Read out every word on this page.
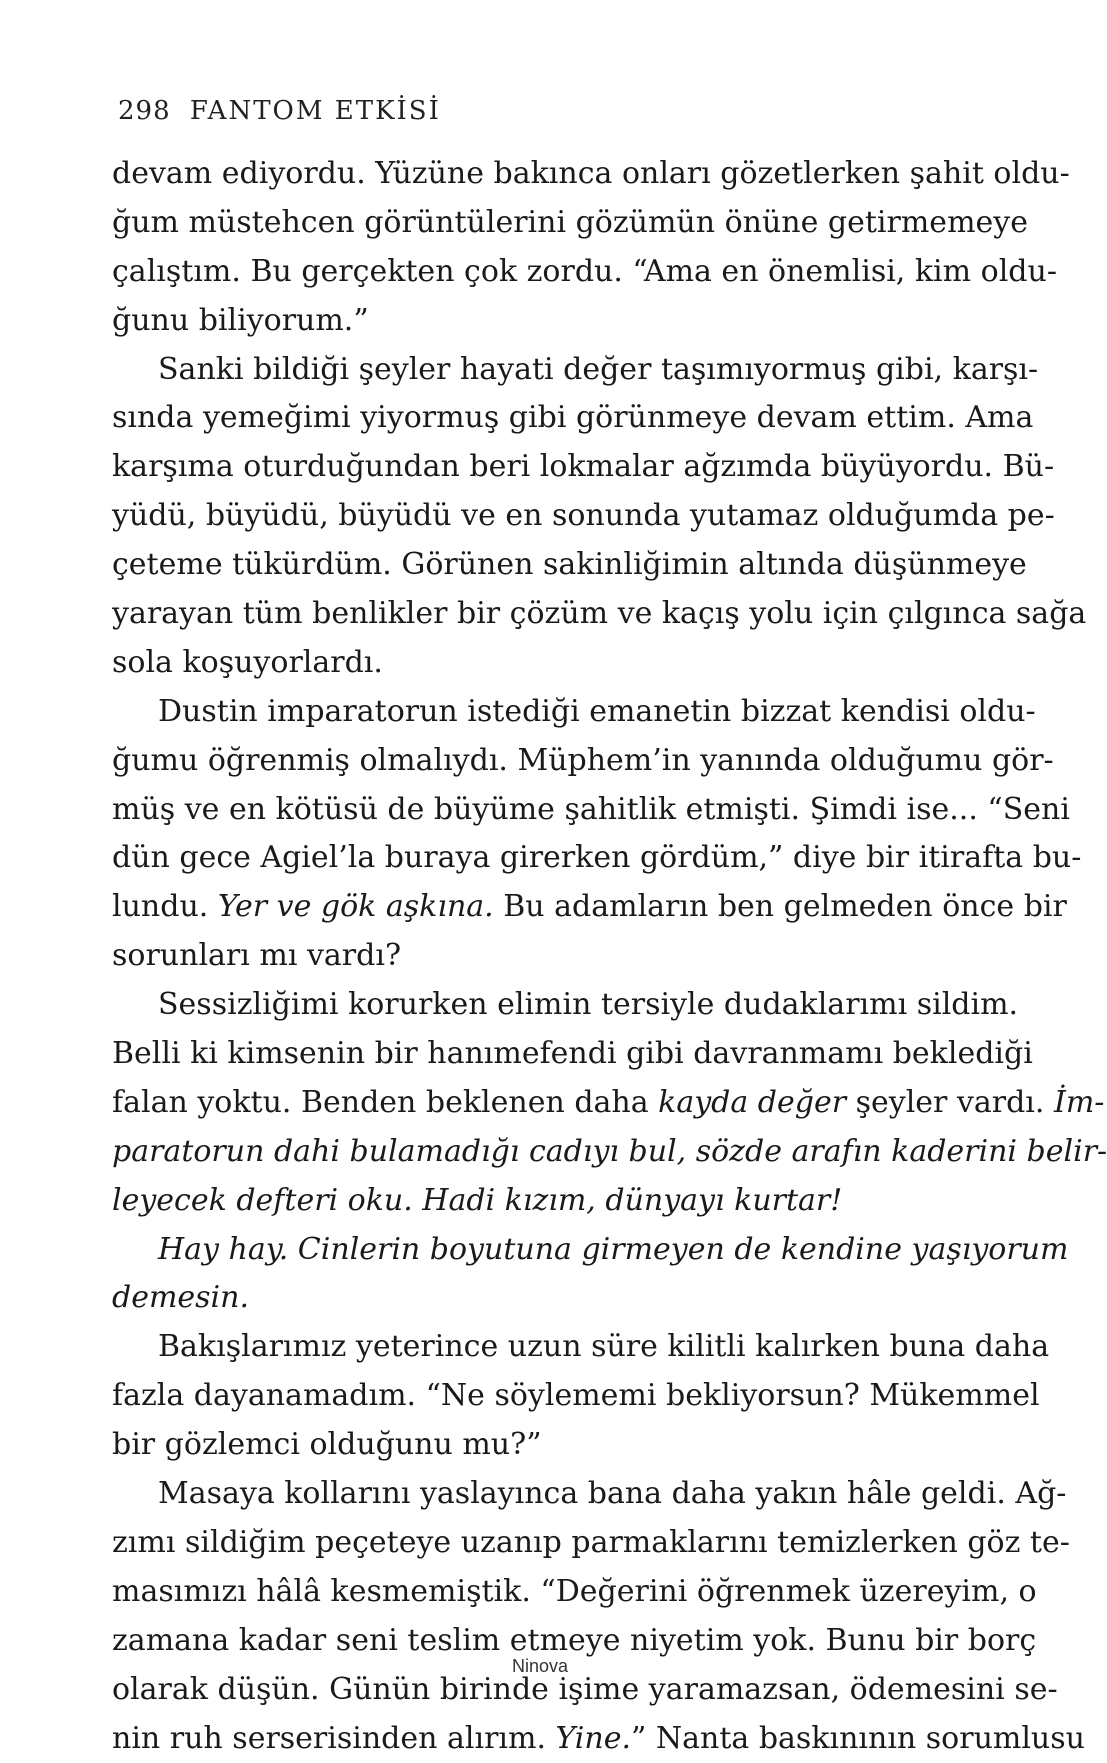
298 FANTOM ETKİSİ
devam ediyordu. Yüzüne bakınca onları gözetlerken şahit oldu-
ğum müstehcen görüntülerini gözümün önüne getirmemeye
çalıştım. Bu gerçekten çok zordu. “Ama en önemlisi, kim oldu-
ğunu biliyorum.”
Sanki bildiği şeyler hayati değer taşımıyormuş gibi, karşı-
sında yemeğimi yiyormuş gibi görünmeye devam ettim. Ama
karşıma oturduğundan beri lokmalar ağzımda büyüyordu. Bü-
yüdü, büyüdü, büyüdü ve en sonunda yutamaz olduğumda pe-
çeteme tükürdüm. Görünen sakinliğimin altında düşünmeye
yarayan tüm benlikler bir çözüm ve kaçış yolu için çılgınca sağa
sola koşuyorlardı.
Dustin imparatorun istediği emanetin bizzat kendisi oldu-
ğumu öğrenmiş olmalıydı. Müphem’in yanında olduğumu gör-
müş ve en kötüsü de büyüme şahitlik etmişti. Şimdi ise... “Seni
dün gece Agiel’la buraya girerken gördüm,” diye bir itirafta bu-
lundu. Yer ve gök aşkına. Bu adamların ben gelmeden önce bir
sorunları mı vardı?
Sessizliğimi korurken elimin tersiyle dudaklarımı sildim.
Belli ki kimsenin bir hanımefendi gibi davranmamı beklediği
falan yoktu. Benden beklenen daha kayda değer şeyler vardı. İm-
paratorun dahi bulamadığı cadıyı bul, sözde arafın kaderini belir-
leyecek defteri oku. Hadi kızım, dünyayı kurtar!
Hay hay. Cinlerin boyutuna girmeyen de kendine yaşıyorum
demesin.
Bakışlarımız yeterince uzun süre kilitli kalırken buna daha
fazla dayanamadım. “Ne söylememi bekliyorsun? Mükemmel
bir gözlemci olduğunu mu?”
Masaya kollarını yaslayınca bana daha yakın hâle geldi. Ağ-
zımı sildiğim peçeteye uzanıp parmaklarını temizlerken göz te-
masımızı hâlâ kesmemiştik. “Değerini öğrenmek üzereyim, o
zamana kadar seni teslim etmeye niyetim yok. Bunu bir borç
olarak düşün. Günün birinde işime yaramazsan, ödemesini se-
nin ruh serserisinden alırım. Yine.” Nanta baskınının sorumlusu
Ninova
